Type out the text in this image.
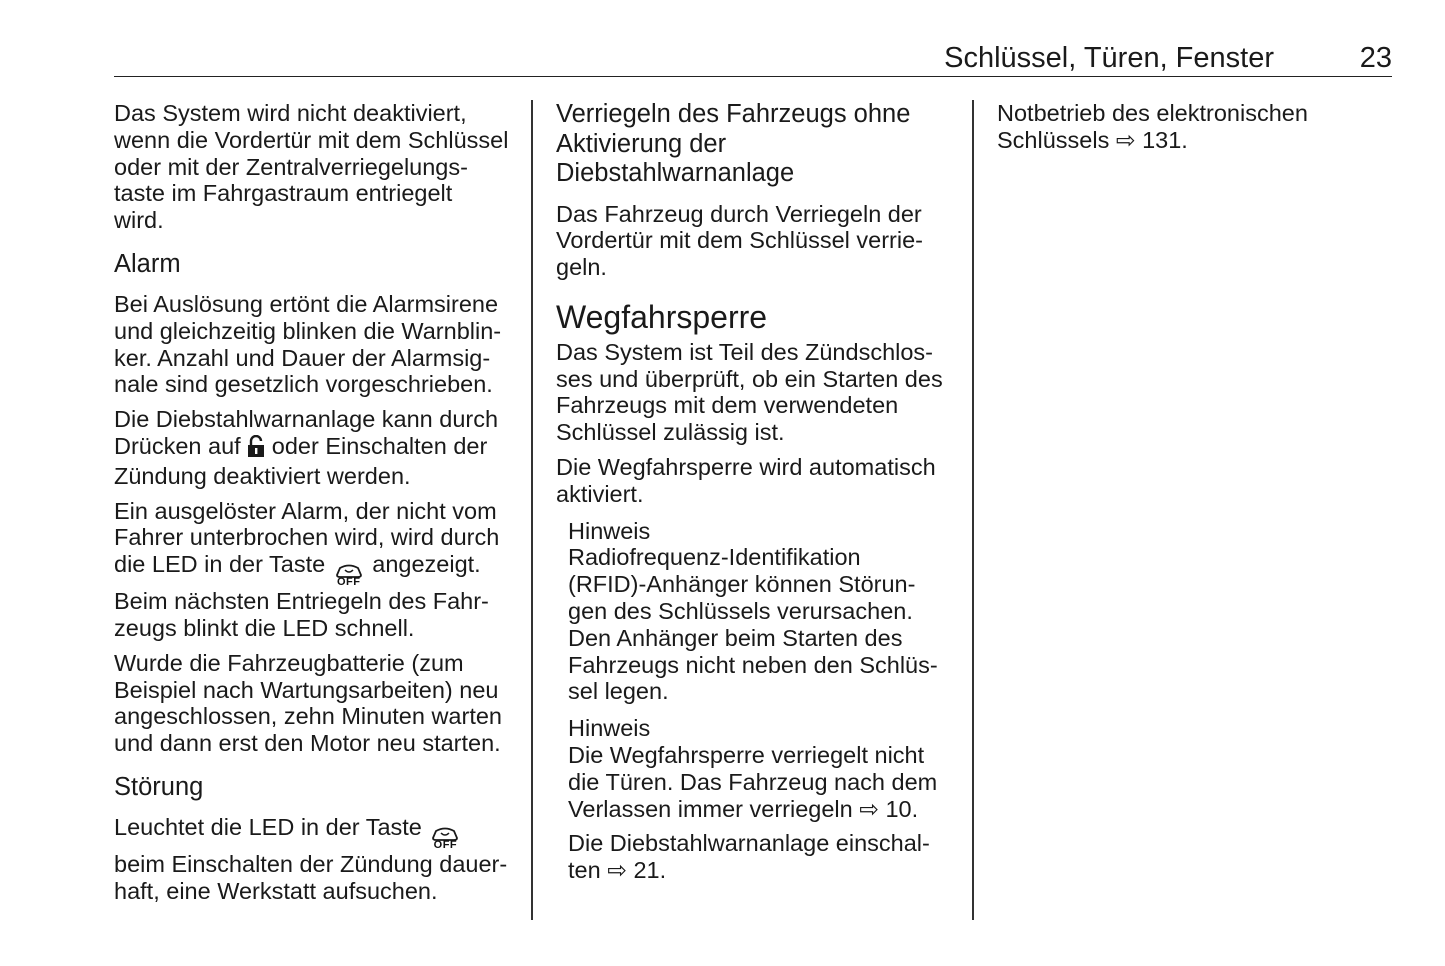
Schlüssel, Türen, Fenster	23

Das System wird nicht deaktiviert,
wenn die Vordertür mit dem Schlüssel
oder mit der Zentralverriegelungs-
taste im Fahrgastraum entriegelt
wird.

Alarm

Bei Auslösung ertönt die Alarmsirene
und gleichzeitig blinken die Warnblin-
ker. Anzahl und Dauer der Alarmsig-
nale sind gesetzlich vorgeschrieben.

Die Diebstahlwarnanlage kann durch
Drücken auf  oder Einschalten der
Zündung deaktiviert werden.

Ein ausgelöster Alarm, der nicht vom
Fahrer unterbrochen wird, wird durch
die LED in der Taste
OFF
angezeigt.
Beim nächsten Entriegeln des Fahr-
zeugs blinkt die LED schnell.

Wurde die Fahrzeugbatterie (zum
Beispiel nach Wartungsarbeiten) neu
angeschlossen, zehn Minuten warten
und dann erst den Motor neu starten.

Störung

Leuchtet die LED in der Taste
OFF

beim Einschalten der Zündung dauer-
haft, eine Werkstatt aufsuchen.

Verriegeln des Fahrzeugs ohne
Aktivierung der
Diebstahlwarnanlage

Das Fahrzeug durch Verriegeln der
Vordertür mit dem Schlüssel verrie-
geln.

Wegfahrsperre

Das System ist Teil des Zündschlos-
ses und überprüft, ob ein Starten des
Fahrzeugs mit dem verwendeten
Schlüssel zulässig ist.

Die Wegfahrsperre wird automatisch
aktiviert.

Hinweis

Radiofrequenz-Identifikation
(RFID)-Anhänger können Störun-
gen des Schlüssels verursachen.
Den Anhänger beim Starten des
Fahrzeugs nicht neben den Schlüs-
sel legen.

Hinweis

Die Wegfahrsperre verriegelt nicht
die Türen. Das Fahrzeug nach dem
Verlassen immer verriegeln ⇨ 10.

Die Diebstahlwarnanlage einschal-
ten ⇨ 21.

Notbetrieb des elektronischen
Schlüssels ⇨ 131.
